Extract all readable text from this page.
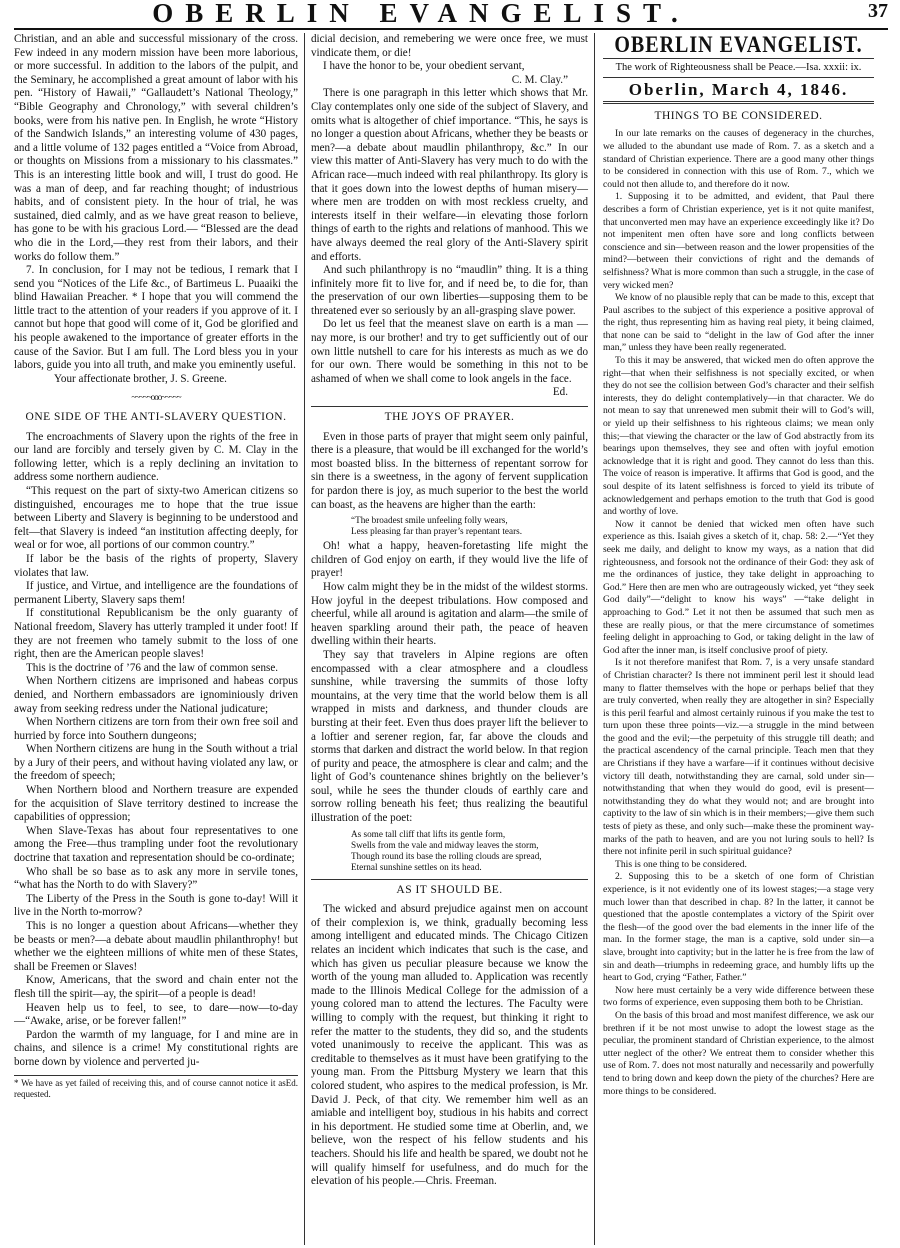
OBERLIN EVANGELIST.	37

Christian, and an able and successful missionary of the cross. Few indeed in any modern mission have been more laborious, or more successful. In addition to the labors of the pulpit, and the Seminary, he accomplished a great amount of labor with his pen. “History of Hawaii,” “Gallaudett’s National Theology,” “Bible Geography and Chronology,” with several children’s books, were from his native pen. In English, he wrote “History of the Sandwich Islands,” an interesting volume of 430 pages, and a little volume of 132 pages entitled a “Voice from Abroad, or thoughts on Missions from a missionary to his classmates.” This is an interesting little book and will, I trust do good. He was a man of deep, and far reaching thought; of industrious habits, and of consistent piety. In the hour of trial, he was sustained, died calmly, and as we have great reason to believe, has gone to be with his gracious Lord.— “Blessed are the dead who die in the Lord,—they rest from their labors, and their works do follow them.”

7. In conclusion, for I may not be tedious, I remark that I send you “Notices of the Life &c., of Bartimeus L. Puaaiki the blind Hawaiian Preacher. * I hope that you will commend the little tract to the attention of your readers if you approve of it. I cannot but hope that good will come of it, God be glorified and his people awakened to the importance of greater efforts in the cause of the Savior. But I am full. The Lord bless you in your labors, guide you into all truth, and make you eminently useful.

Your affectionate brother, J. S. Greene.

~~~~~ooo~~~~~
ONE SIDE OF THE ANTI-SLAVERY QUESTION.

The encroachments of Slavery upon the rights of the free in our land are forcibly and tersely given by C. M. Clay in the following letter, which is a reply declining an invitation to address some northern audience.

“This request on the part of sixty-two American citizens so distinguished, encourages me to hope that the true issue between Liberty and Slavery is beginning to be understood and felt—that Slavery is indeed “an institution affecting deeply, for weal or for woe, all portions of our common country.”

If labor be the basis of the rights of property, Slavery violates that law.

If justice, and Virtue, and intelligence are the foundations of permanent Liberty, Slavery saps them!

If constitutional Republicanism be the only guaranty of National freedom, Slavery has utterly trampled it under foot! If they are not freemen who tamely submit to the loss of one right, then are the American people slaves!

This is the doctrine of ’76 and the law of common sense.

When Northern citizens are imprisoned and habeas corpus denied, and Northern embassadors are ignominiously driven away from seeking redress under the National judicature;

When Northern citizens are torn from their own free soil and hurried by force into Southern dungeons;

When Northern citizens are hung in the South without a trial by a Jury of their peers, and without having violated any law, or the freedom of speech;

When Northern blood and Northern treasure are expended for the acquisition of Slave territory destined to increase the capabilities of oppression;

When Slave-Texas has about four representatives to one among the Free—thus trampling under foot the revolutionary doctrine that taxation and representation should be co-ordinate;

Who shall be so base as to ask any more in servile tones, “what has the North to do with Slavery?”

The Liberty of the Press in the South is gone to-day! Will it live in the North to-morrow?

This is no longer a question about Africans—whether they be beasts or men?—a debate about maudlin philanthrophy! but whether we the eighteen millions of white men of these States, shall be Freemen or Slaves!

Know, Americans, that the sword and chain enter not the flesh till the spirit—ay, the spirit—of a people is dead!

Heaven help us to feel, to see, to dare—now—to-day —“Awake, arise, or be forever fallen!”

Pardon the warmth of my language, for I and mine are in chains, and silence is a crime! My constitutional rights are borne down by violence and perverted ju-

Ed.
* We have as yet failed of receiving this, and of course cannot notice it as requested.

dicial decision, and remebering we were once free, we must vindicate them, or die!

I have the honor to be, your obedient servant,

C. M. Clay.”

There is one paragraph in this letter which shows that Mr. Clay contemplates only one side of the subject of Slavery, and omits what is altogether of chief importance. “This, he says is no longer a question about Africans, whether they be beasts or men?—a debate about maudlin philanthropy, &c.” In our view this matter of Anti-Slavery has very much to do with the African race—much indeed with real philanthropy. Its glory is that it goes down into the lowest depths of human misery—where men are trodden on with most reckless cruelty, and interests itself in their welfare—in elevating those forlorn things of earth to the rights and relations of manhood. This we have always deemed the real glory of the Anti-Slavery spirit and efforts.

And such philanthropy is no “maudlin” thing. It is a thing infinitely more fit to live for, and if need be, to die for, than the preservation of our own liberties—supposing them to be threatened ever so seriously by an all-grasping slave power.

Do let us feel that the meanest slave on earth is a man —nay more, is our brother! and try to get sufficiently out of our own little nutshell to care for his interests as much as we do for our own. There would be something in this not to be ashamed of when we shall come to look angels in the face.

Ed.

THE JOYS OF PRAYER.

Even in those parts of prayer that might seem only painful, there is a pleasure, that would be ill exchanged for the world’s most boasted bliss. In the bitterness of repentant sorrow for sin there is a sweetness, in the agony of fervent supplication for pardon there is joy, as much superior to the best the world can boast, as the heavens are higher than the earth:

“The broadest smile unfeeling folly wears,
Less pleasing far than prayer’s repentant tears.

Oh! what a happy, heaven-foretasting life might the children of God enjoy on earth, if they would live the life of prayer!

How calm might they be in the midst of the wildest storms. How joyful in the deepest tribulations. How composed and cheerful, while all around is agitation and alarm—the smile of heaven sparkling around their path, the peace of heaven dwelling within their hearts.

They say that travelers in Alpine regions are often encompassed with a clear atmosphere and a cloudless sunshine, while traversing the summits of those lofty mountains, at the very time that the world below them is all wrapped in mists and darkness, and thunder clouds are bursting at their feet. Even thus does prayer lift the believer to a loftier and serener region, far, far above the clouds and storms that darken and distract the world below. In that region of purity and peace, the atmosphere is clear and calm; and the light of God’s countenance shines brightly on the believer’s soul, while he sees the thunder clouds of earthly care and sorrow rolling beneath his feet; thus realizing the beautiful illustration of the poet:

As some tall cliff that lifts its gentle form,
Swells from the vale and midway leaves the storm,
Though round its base the rolling clouds are spread,
Eternal sunshine settles on its head.
AS IT SHOULD BE.

The wicked and absurd prejudice against men on account of their complexion is, we think, gradually becoming less among intelligent and educated minds. The Chicago Citizen relates an incident which indicates that such is the case, and which has given us peculiar pleasure because we know the worth of the young man alluded to. Application was recently made to the Illinois Medical College for the admission of a young colored man to attend the lectures. The Faculty were willing to comply with the request, but thinking it right to refer the matter to the students, they did so, and the students voted unanimously to receive the applicant. This was as creditable to themselves as it must have been gratifying to the young man. From the Pittsburg Mystery we learn that this colored student, who aspires to the medical profession, is Mr. David J. Peck, of that city. We remember him well as an amiable and intelligent boy, studious in his habits and correct in his deportment. He studied some time at Oberlin, and, we believe, won the respect of his fellow students and his teachers. Should his life and health be spared, we doubt not he will qualify himself for usefulness, and do much for the elevation of his people.—Chris. Freeman.

OBERLIN EVANGELIST.

The work of Righteousness shall be Peace.—Isa. xxxii: ix.

Oberlin, March 4, 1846.
THINGS TO BE CONSIDERED.

In our late remarks on the causes of degeneracy in the churches, we alluded to the abundant use made of Rom. 7. as a sketch and a standard of Christian experience. There are a good many other things to be considered in connection with this use of Rom. 7., which we could not then allude to, and therefore do it now.

1. Supposing it to be admitted, and evident, that Paul there describes a form of Christian experience, yet is it not quite manifest, that unconverted men may have an experience exceedingly like it? Do not impenitent men often have sore and long conflicts between conscience and sin—between reason and the lower propensities of the mind?—between their convictions of right and the demands of selfishness? What is more common than such a struggle, in the case of very wicked men?

We know of no plausible reply that can be made to this, except that Paul ascribes to the subject of this experience a positive approval of the right, thus representing him as having real piety, it being claimed, that none can be said to “delight in the law of God after the inner man,” unless they have been really regenerated.

To this it may be answered, that wicked men do often approve the right—that when their selfishness is not specially excited, or when they do not see the collision between God’s character and their selfish interests, they do delight contemplatively—in that character. We do not mean to say that unrenewed men submit their will to God’s will, or yield up their selfishness to his righteous claims; we mean only this;—that viewing the character or the law of God abstractly from its bearings upon themselves, they see and often with joyful emotion acknowledge that it is right and good. They cannot do less than this. The voice of reason is imperative. It affirms that God is good, and the soul despite of its latent selfishness is forced to yield its tribute of acknowledgement and perhaps emotion to the truth that God is good and worthy of love.

Now it cannot be denied that wicked men often have such experience as this. Isaiah gives a sketch of it, chap. 58: 2.—“Yet they seek me daily, and delight to know my ways, as a nation that did righteousness, and forsook not the ordinance of their God: they ask of me the ordinances of justice, they take delight in approaching to God.” Here then are men who are outrageously wicked, yet “they seek God daily”—“delight to know his ways” —“take delight in approaching to God.” Let it not then be assumed that such men as these are really pious, or that the mere circumstance of sometimes feeling delight in approaching to God, or taking delight in the law of God after the inner man, is itself conclusive proof of piety.

Is it not therefore manifest that Rom. 7, is a very unsafe standard of Christian character? Is there not imminent peril lest it should lead many to flatter themselves with the hope or perhaps belief that they are truly converted, when really they are altogether in sin? Especially is this peril fearful and almost certainly ruinous if you make the test to turn upon these three points—viz.—a struggle in the mind between the good and the evil;—the perpetuity of this struggle till death; and the practical ascendency of the carnal principle. Teach men that they are Christians if they have a warfare—if it continues without decisive victory till death, notwithstanding they are carnal, sold under sin—notwithstanding that when they would do good, evil is present—notwithstanding they do what they would not; and are brought into captivity to the law of sin which is in their members;—give them such tests of piety as these, and only such—make these the prominent way-marks of the path to heaven, and are you not luring souls to hell? Is there not infinite peril in such spiritual guidance?

This is one thing to be considered.

2. Supposing this to be a sketch of one form of Christian experience, is it not evidently one of its lowest stages;—a stage very much lower than that described in chap. 8? In the latter, it cannot be questioned that the apostle contemplates a victory of the Spirit over the flesh—of the good over the bad elements in the inner life of the man. In the former stage, the man is a captive, sold under sin—a slave, brought into captivity; but in the latter he is free from the law of sin and death—triumphs in redeeming grace, and humbly lifts up the heart to God, crying “Father, Father.”

Now here must certainly be a very wide difference between these two forms of experience, even supposing them both to be Christian.

On the basis of this broad and most manifest difference, we ask our brethren if it be not most unwise to adopt the lowest stage as the peculiar, the prominent standard of Christian experience, to the almost utter neglect of the other? We entreat them to consider whether this use of Rom. 7. does not most naturally and necessarily and powerfully tend to bring down and keep down the piety of the churches? Here are more things to be considered.
